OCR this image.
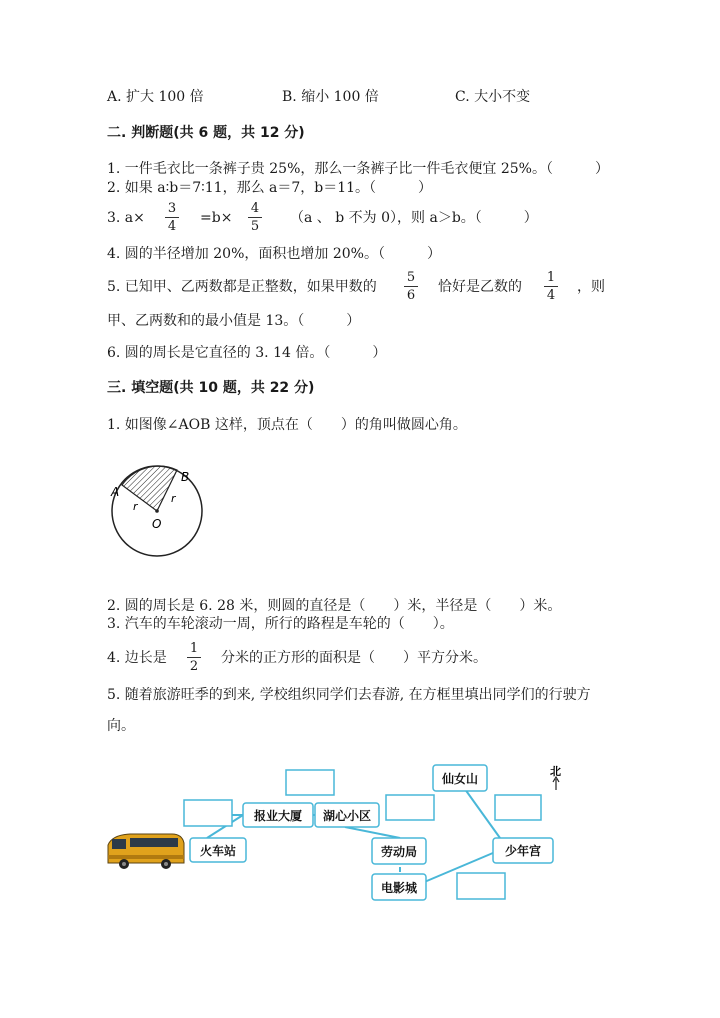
A. 扩大 100 倍	B. 缩小 100 倍	C. 大小不变
二. 判断题(共 6 题，共 12 分)
1. 一件毛衣比一条裤子贵 25%，那么一条裤子比一件毛衣便宜 25%。（　　　）
2. 如果 a∶b＝7∶11，那么 a＝7，b＝11。（　　　）
3. a×
3
4
=b×
4
5
（a 、 b 不为 0），则 a＞b。（　　　）
4. 圆的半径增加 20%，面积也增加 20%。（　　　）
5. 已知甲、乙两数都是正整数，如果甲数的
5
6
恰好是乙数的
1
4
，则
甲、乙两数和的最小值是 13。（　　　）
6. 圆的周长是它直径的 3. 14 倍。（　　　）
三. 填空题(共 10 题，共 22 分)
1. 如图像∠AOB 这样，顶点在（　　）的角叫做圆心角。
A
B
O
r
r
2. 圆的周长是 6. 28 米，则圆的直径是（　　）米，半径是（　　）米。
3. 汽车的车轮滚动一周，所行的路程是车轮的（　　）。
4. 边长是
1
2
分米的正方形的面积是（　　）平方分米。
5. 随着旅游旺季的到来, 学校组织同学们去春游, 在方框里填出同学们的行驶方
向。
报业大厦 湖心小区
火车站	劳动局
电影城
仙女山
少年宫
北
